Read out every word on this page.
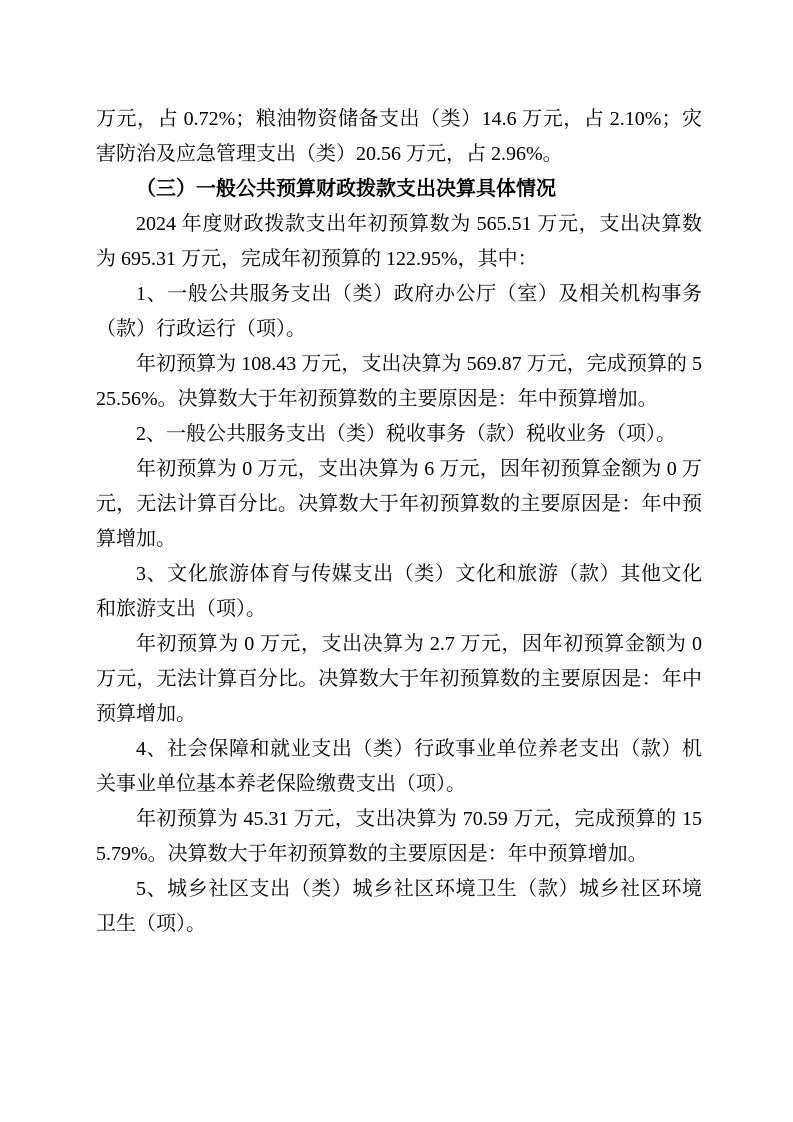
万元，占 0.72%；粮油物资储备支出（类）14.6 万元，占 2.10%；灾害防治及应急管理支出（类）20.56 万元，占 2.96%。

（三）一般公共预算财政拨款支出决算具体情况

2024 年度财政拨款支出年初预算数为 565.51 万元，支出决算数为 695.31 万元，完成年初预算的 122.95%，其中：

1、一般公共服务支出（类）政府办公厅（室）及相关机构事务（款）行政运行（项）。

年初预算为 108.43 万元，支出决算为 569.87 万元，完成预算的 525.56%。决算数大于年初预算数的主要原因是：年中预算增加。

2、一般公共服务支出（类）税收事务（款）税收业务（项）。

年初预算为 0 万元，支出决算为 6 万元，因年初预算金额为 0 万元，无法计算百分比。决算数大于年初预算数的主要原因是：年中预算增加。

3、文化旅游体育与传媒支出（类）文化和旅游（款）其他文化和旅游支出（项）。

年初预算为 0 万元，支出决算为 2.7 万元，因年初预算金额为 0 万元，无法计算百分比。决算数大于年初预算数的主要原因是：年中预算增加。

4、社会保障和就业支出（类）行政事业单位养老支出（款）机关事业单位基本养老保险缴费支出（项）。

年初预算为 45.31 万元，支出决算为 70.59 万元，完成预算的 155.79%。决算数大于年初预算数的主要原因是：年中预算增加。

5、城乡社区支出（类）城乡社区环境卫生（款）城乡社区环境卫生（项）。
